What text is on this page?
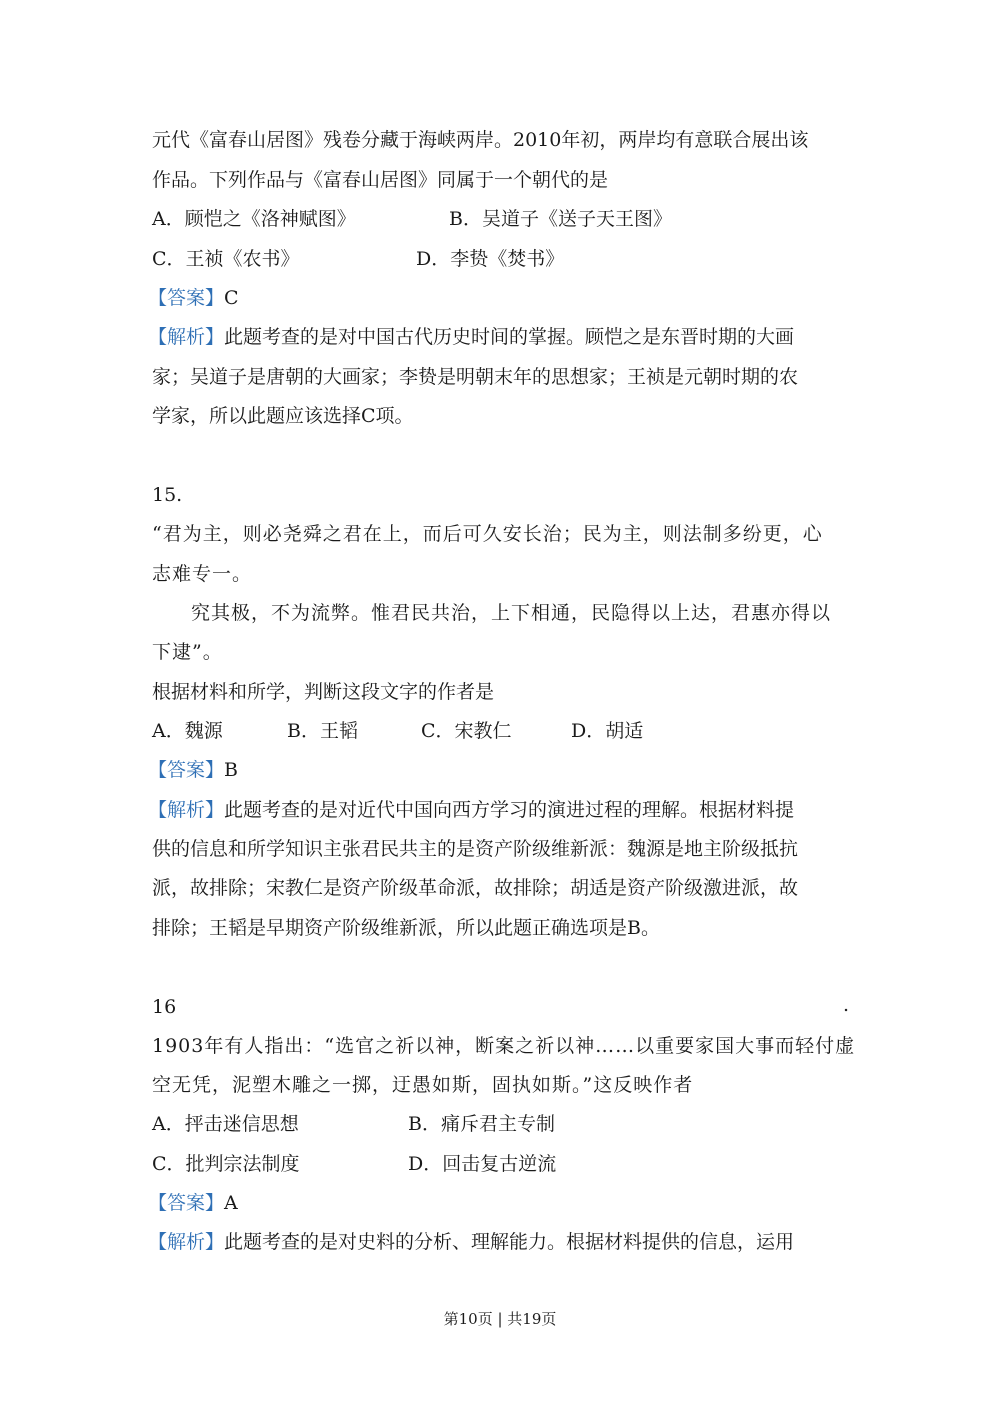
元代《富春山居图》残卷分藏于海峡两岸。2010年初，两岸均有意联合展出该
作品。下列作品与《富春山居图》同属于一个朝代的是
A．顾恺之《洛神赋图》	B．吴道子《送子天王图》
C．王祯《农书》	D．李贽《焚书》
【答案】C
【解析】此题考查的是对中国古代历史时间的掌握。顾恺之是东晋时期的大画
家；吴道子是唐朝的大画家；李贽是明朝末年的思想家；王祯是元朝时期的农
学家，所以此题应该选择C项。
15.
“君为主，则必尧舜之君在上，而后可久安长治；民为主，则法制多纷更，心
志难专一。
究其极，不为流弊。惟君民共治，上下相通，民隐得以上达，君惠亦得以
下逮”。
根据材料和所学，判断这段文字的作者是
A．魏源	B．王韬	C．宋教仁	D．胡适
【答案】B
【解析】此题考查的是对近代中国向西方学习的演进过程的理解。根据材料提
供的信息和所学知识主张君民共主的是资产阶级维新派：魏源是地主阶级抵抗
派，故排除；宋教仁是资产阶级革命派，故排除；胡适是资产阶级激进派，故
排除；王韬是早期资产阶级维新派，所以此题正确选项是B。
16	.
1903年有人指出：“选官之祈以神，断案之祈以神……以重要家国大事而轻付虚
空无凭，泥塑木雕之一掷，迂愚如斯，固执如斯。”这反映作者
A．抨击迷信思想	B．痛斥君主专制
C．批判宗法制度	D．回击复古逆流
【答案】A
【解析】此题考查的是对史料的分析、理解能力。根据材料提供的信息，运用
第10页 | 共19页
